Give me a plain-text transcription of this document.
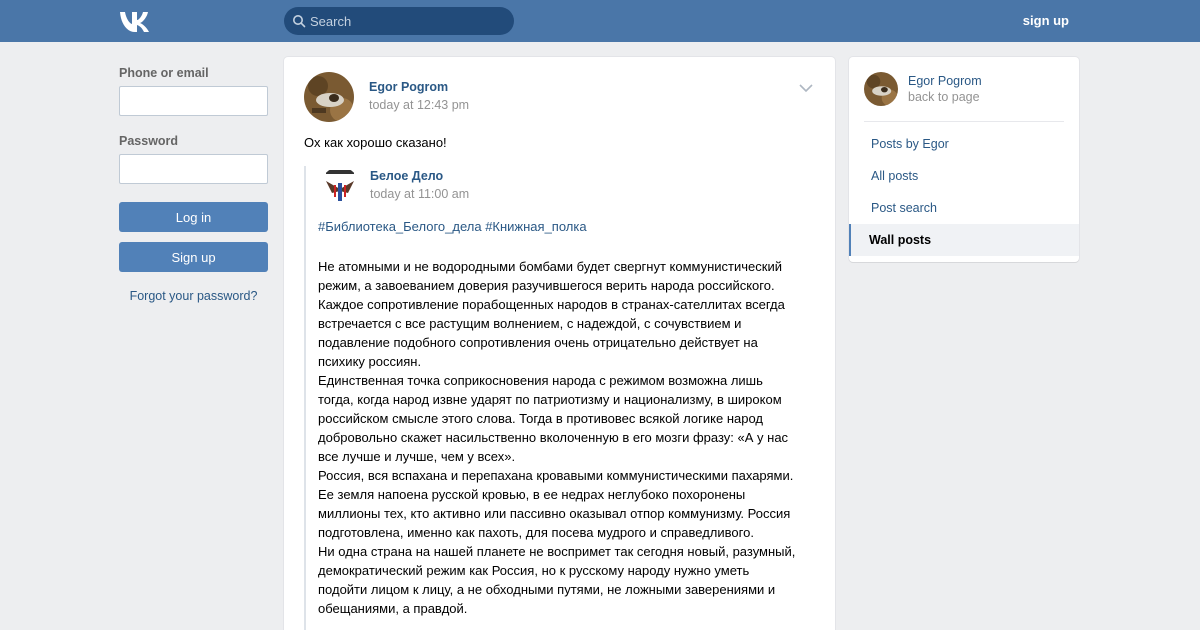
Search
sign up
Phone or email
Password
Log in
Sign up
Forgot your password?
Egor Pogrom
today at 12:43 pm
Ох как хорошо сказано!
Белое Дело
today at 11:00 am
#Библиотека_Белого_дела #Книжная_полка

Не атомными и не водородными бомбами будет свергнут коммунистический

режим, а завоеванием доверия разучившегося верить народа российского.

Каждое сопротивление порабощенных народов в странах-сателлитах всегда

встречается с все растущим волнением, с надеждой, с сочувствием и

подавление подобного сопротивления очень отрицательно действует на

психику россиян.

Единственная точка соприкосновения народа с режимом возможна лишь

тогда, когда народ извне ударят по патриотизму и национализму, в широком

российском смысле этого слова. Тогда в противовес всякой логике народ

добровольно скажет насильственно вколоченную в его мозги фразу: «А у нас

все лучше и лучше, чем у всех».

Россия, вся вспахана и перепахана кровавыми коммунистическими пахарями.

Ее земля напоена русской кровью, в ее недрах неглубоко похоронены

миллионы тех, кто активно или пассивно оказывал отпор коммунизму. Россия

подготовлена, именно как пахоть, для посева мудрого и справедливого.

Ни одна страна на нашей планете не воспримет так сегодня новый, разумный,

демократический режим как Россия, но к русскому народу нужно уметь

подойти лицом к лицу, а не обходными путями, не ложными заверениями и

обещаниями, а правдой.

Egor Pogrom
back to page
Posts by Egor
All posts
Post search
Wall posts
